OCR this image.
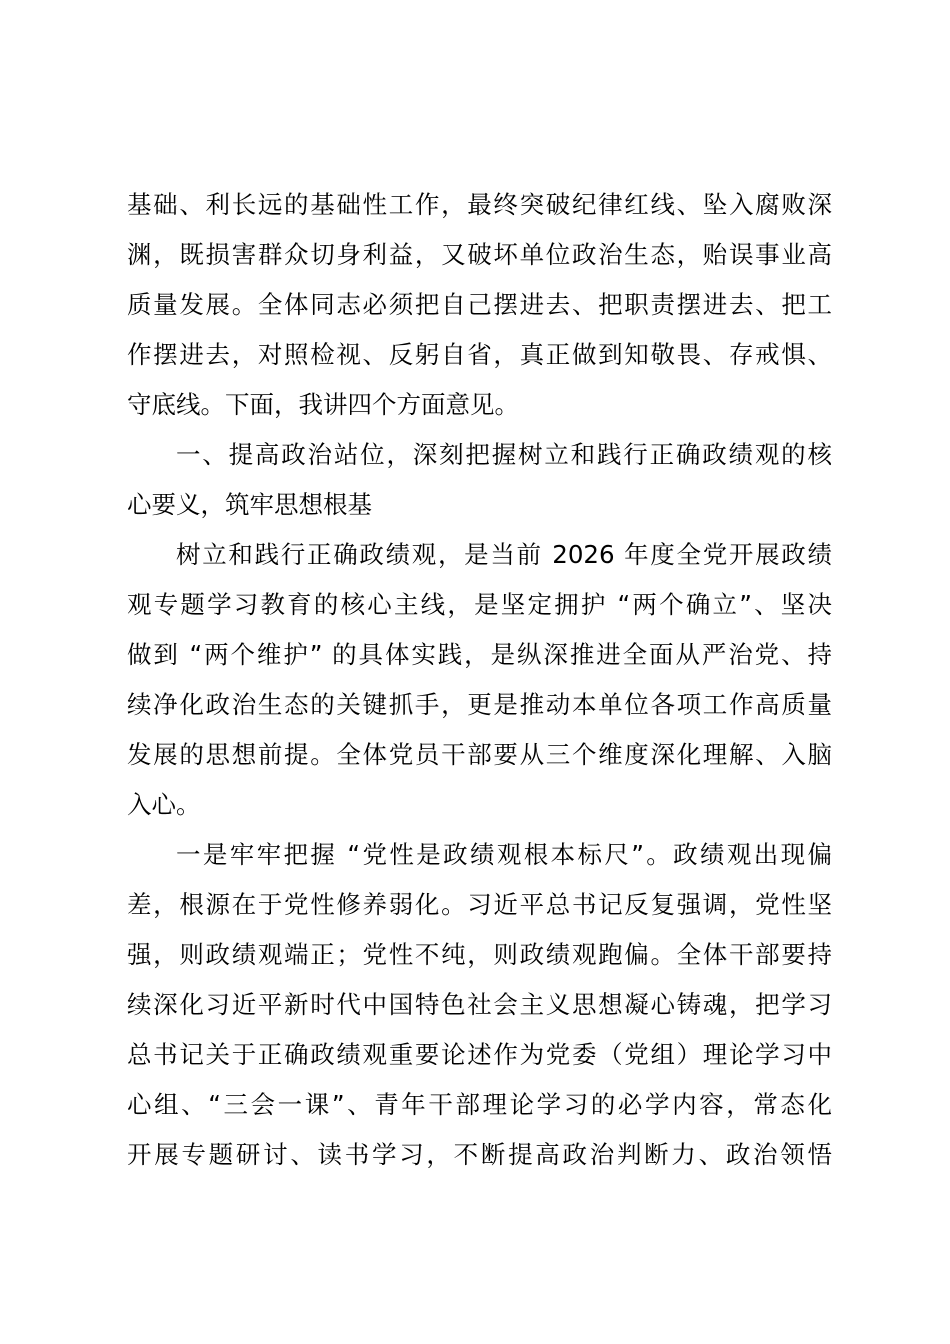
基础、利长远的基础性工作，最终突破纪律红线、坠入腐败深
渊，既损害群众切身利益，又破坏单位政治生态，贻误事业高
质量发展。全体同志必须把自己摆进去、把职责摆进去、把工
作摆进去，对照检视、反躬自省，真正做到知敬畏、存戒惧、
守底线。下面，我讲四个方面意见。
一、提高政治站位，深刻把握树立和践行正确政绩观的核
心要义，筑牢思想根基
树立和践行正确政绩观，是当前 2026 年度全党开展政绩
观专题学习教育的核心主线，是坚定拥护 “两个确立”、坚决
做到 “两个维护” 的具体实践，是纵深推进全面从严治党、持
续净化政治生态的关键抓手，更是推动本单位各项工作高质量
发展的思想前提。全体党员干部要从三个维度深化理解、入脑
入心。
一是牢牢把握 “党性是政绩观根本标尺”。政绩观出现偏
差，根源在于党性修养弱化。习近平总书记反复强调，党性坚
强，则政绩观端正；党性不纯，则政绩观跑偏。全体干部要持
续深化习近平新时代中国特色社会主义思想凝心铸魂，把学习
总书记关于正确政绩观重要论述作为党委（党组）理论学习中
心组、“三会一课”、青年干部理论学习的必学内容，常态化
开展专题研讨、读书学习，不断提高政治判断力、政治领悟
